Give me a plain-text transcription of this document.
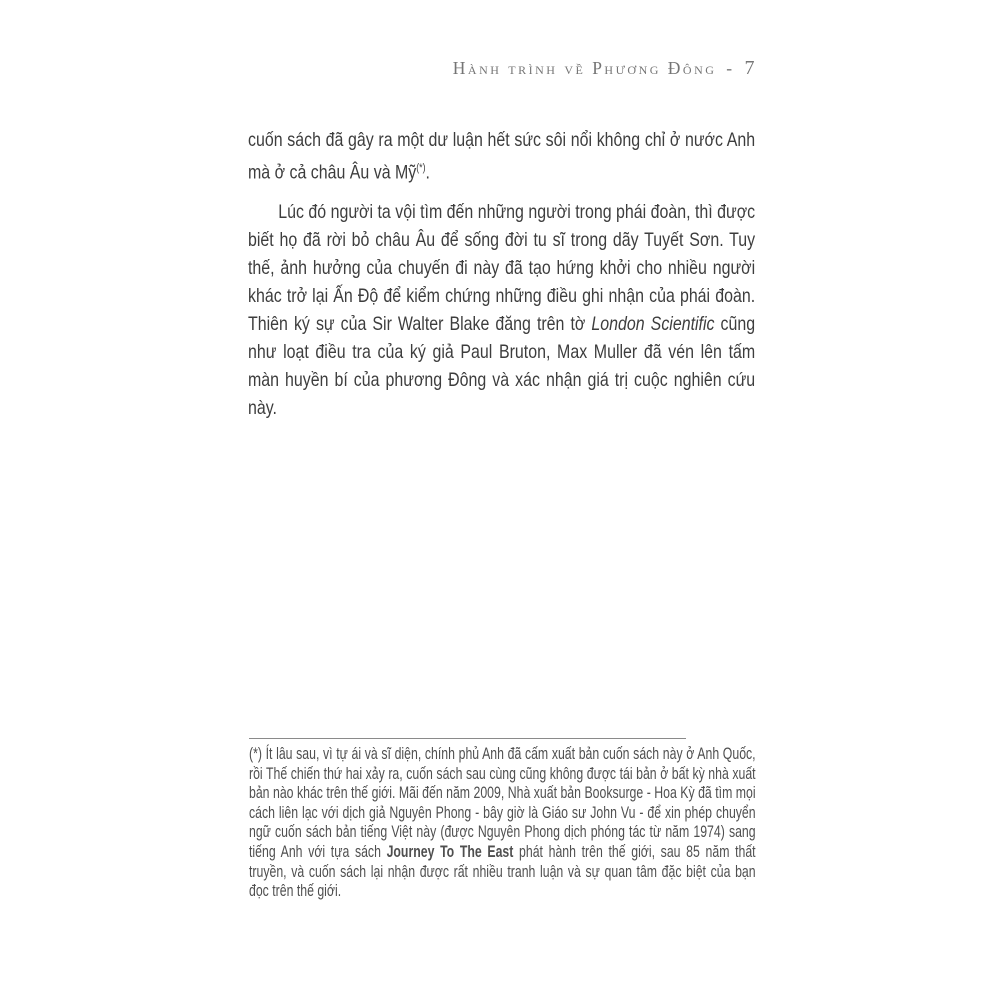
Hành trình về Phương Đông - 7

cuốn sách đã gây ra một dư luận hết sức sôi nổi không chỉ ở nước Anh mà ở cả châu Âu và Mỹ(*).

Lúc đó người ta vội tìm đến những người trong phái đoàn, thì được biết họ đã rời bỏ châu Âu để sống đời tu sĩ trong dãy Tuyết Sơn. Tuy thế, ảnh hưởng của chuyến đi này đã tạo hứng khởi cho nhiều người khác trở lại Ấn Độ để kiểm chứng những điều ghi nhận của phái đoàn. Thiên ký sự của Sir Walter Blake đăng trên tờ London Scientific cũng như loạt điều tra của ký giả Paul Bruton, Max Muller đã vén lên tấm màn huyền bí của phương Đông và xác nhận giá trị cuộc nghiên cứu này.

(*) Ít lâu sau, vì tự ái và sĩ diện, chính phủ Anh đã cấm xuất bản cuốn sách này ở Anh Quốc, rồi Thế chiến thứ hai xảy ra, cuốn sách sau cùng cũng không được tái bản ở bất kỳ nhà xuất bản nào khác trên thế giới. Mãi đến năm 2009, Nhà xuất bản Booksurge - Hoa Kỳ đã tìm mọi cách liên lạc với dịch giả Nguyên Phong - bây giờ là Giáo sư John Vu - để xin phép chuyển ngữ cuốn sách bản tiếng Việt này (được Nguyên Phong dịch phóng tác từ năm 1974) sang tiếng Anh với tựa sách Journey To The East phát hành trên thế giới, sau 85 năm thất truyền, và cuốn sách lại nhận được rất nhiều tranh luận và sự quan tâm đặc biệt của bạn đọc trên thế giới.
